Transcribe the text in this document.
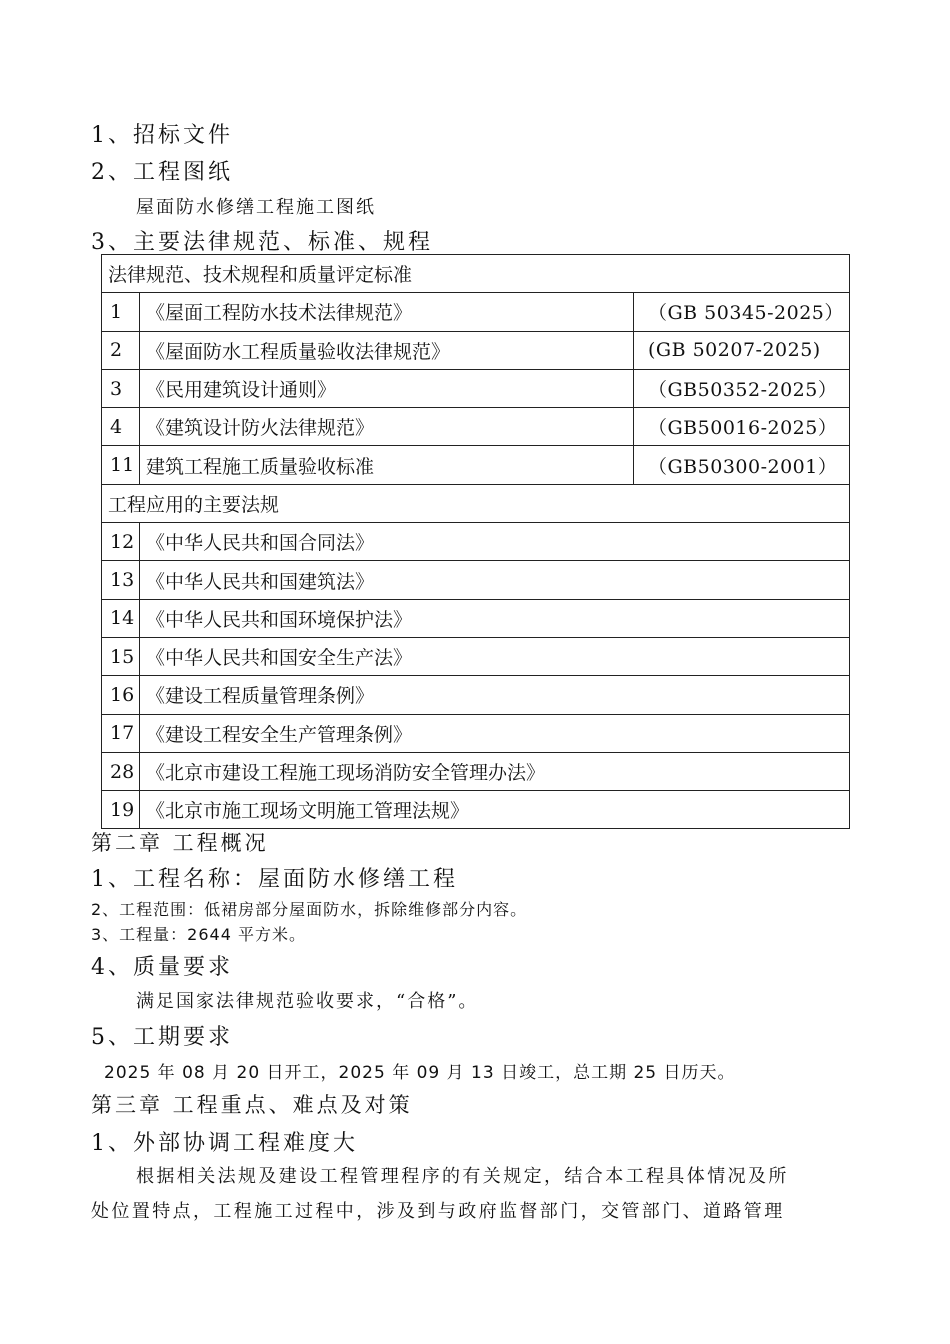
1、招标文件
2、工程图纸
屋面防水修缮工程施工图纸
3、主要法律规范、标准、规程
法律规范、技术规程和质量评定标准		
1	《屋面工程防水技术法律规范》	（GB 50345-2025）
2	《屋面防水工程质量验收法律规范》	(GB 50207-2025)
3	《民用建筑设计通则》	（GB50352-2025）
4	《建筑设计防火法律规范》	（GB50016-2025）
11	建筑工程施工质量验收标准	（GB50300-2001）
工程应用的主要法规		
12	《中华人民共和国合同法》	
13	《中华人民共和国建筑法》	
14	《中华人民共和国环境保护法》	
15	《中华人民共和国安全生产法》	
16	《建设工程质量管理条例》	
17	《建设工程安全生产管理条例》	
28	《北京市建设工程施工现场消防安全管理办法》	
19	《北京市施工现场文明施工管理法规》	
第二章 工程概况
1、工程名称：屋面防水修缮工程
2、工程范围：低裙房部分屋面防水，拆除维修部分内容。
3、工程量：2644 平方米。
4、质量要求
满足国家法律规范验收要求，“合格”。
5、工期要求
2025 年 08 月 20 日开工，2025 年 09 月 13 日竣工，总工期 25 日历天。
第三章 工程重点、难点及对策
1、外部协调工程难度大
根据相关法规及建设工程管理程序的有关规定，结合本工程具体情况及所
处位置特点，工程施工过程中，涉及到与政府监督部门，交管部门、道路管理
